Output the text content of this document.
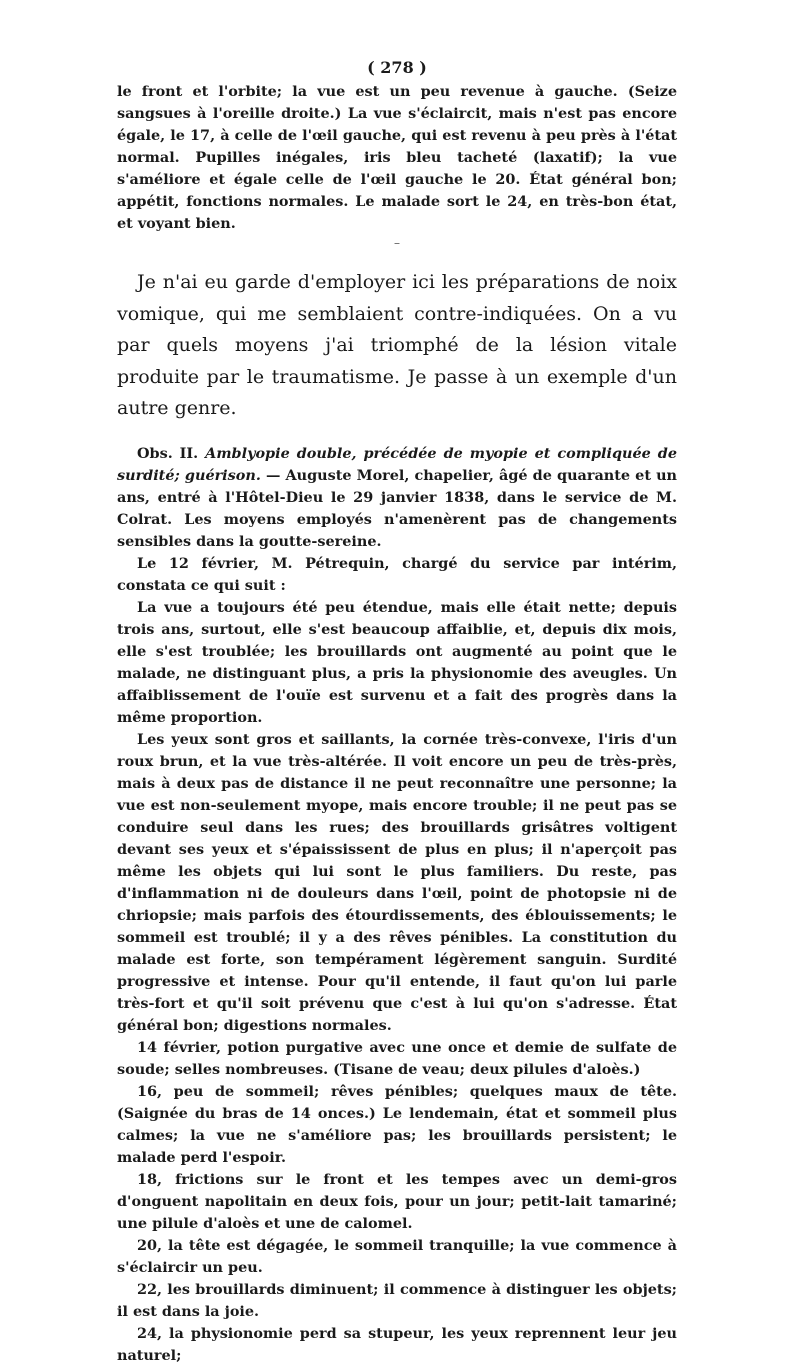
( 278 )

le front et l'orbite; la vue est un peu revenue à gauche. (Seize sangsues à l'oreille droite.) La vue s'éclaircit, mais n'est pas encore égale, le 17, à celle de l'œil gauche, qui est revenu à peu près à l'état normal. Pupilles inégales, iris bleu tacheté (laxatif); la vue s'améliore et égale celle de l'œil gauche le 20. État général bon; appétit, fonctions normales. Le malade sort le 24, en très-bon état, et voyant bien.

–

Je n'ai eu garde d'employer ici les préparations de noix vomique, qui me semblaient contre-indiquées. On a vu par quels moyens j'ai triomphé de la lésion vitale produite par le traumatisme. Je passe à un exemple d'un autre genre.

Obs. II. Amblyopie double, précédée de myopie et compliquée de surdité; guérison. — Auguste Morel, chapelier, âgé de quarante et un ans, entré à l'Hôtel-Dieu le 29 janvier 1838, dans le service de M. Colrat. Les moyens employés n'amenèrent pas de changements sensibles dans la goutte-sereine.

Le 12 février, M. Pétrequin, chargé du service par intérim, constata ce qui suit :

La vue a toujours été peu étendue, mais elle était nette; depuis trois ans, surtout, elle s'est beaucoup affaiblie, et, depuis dix mois, elle s'est troublée; les brouillards ont augmenté au point que le malade, ne distinguant plus, a pris la physionomie des aveugles. Un affaiblissement de l'ouïe est survenu et a fait des progrès dans la même proportion.

Les yeux sont gros et saillants, la cornée très-convexe, l'iris d'un roux brun, et la vue très-altérée. Il voit encore un peu de très-près, mais à deux pas de distance il ne peut reconnaître une personne; la vue est non-seulement myope, mais encore trouble; il ne peut pas se conduire seul dans les rues; des brouillards grisâtres voltigent devant ses yeux et s'épaississent de plus en plus; il n'aperçoit pas même les objets qui lui sont le plus familiers. Du reste, pas d'inflammation ni de douleurs dans l'œil, point de photopsie ni de chriopsie; mais parfois des étourdissements, des éblouissements; le sommeil est troublé; il y a des rêves pénibles. La constitution du malade est forte, son tempérament légèrement sanguin. Surdité progressive et intense. Pour qu'il entende, il faut qu'on lui parle très-fort et qu'il soit prévenu que c'est à lui qu'on s'adresse. État général bon; digestions normales.

14 février, potion purgative avec une once et demie de sulfate de soude; selles nombreuses. (Tisane de veau; deux pilules d'aloès.)

16, peu de sommeil; rêves pénibles; quelques maux de tête. (Saignée du bras de 14 onces.) Le lendemain, état et sommeil plus calmes; la vue ne s'améliore pas; les brouillards persistent; le malade perd l'espoir.

18, frictions sur le front et les tempes avec un demi-gros d'onguent napolitain en deux fois, pour un jour; petit-lait tamariné; une pilule d'aloès et une de calomel.

20, la tête est dégagée, le sommeil tranquille; la vue commence à s'éclaircir un peu.

22, les brouillards diminuent; il commence à distinguer les objets; il est dans la joie.

24, la physionomie perd sa stupeur, les yeux reprennent leur jeu naturel;
